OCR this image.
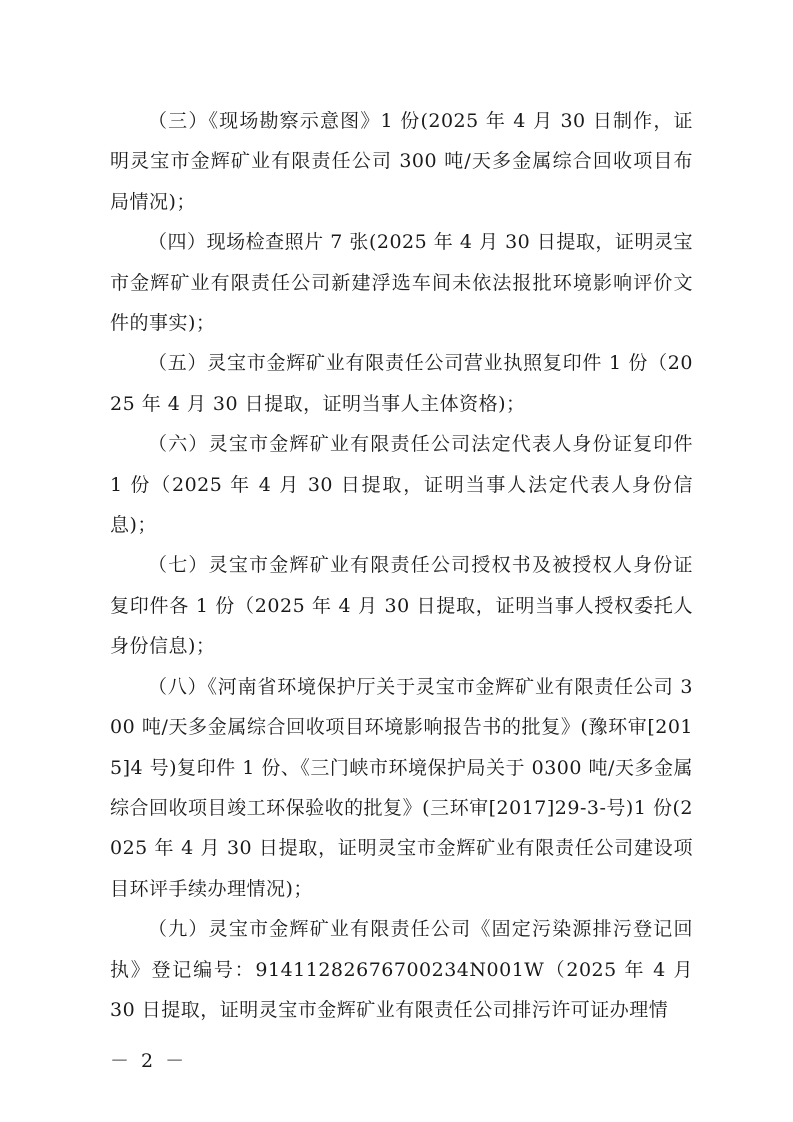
（三）《现场勘察示意图》1 份(2025 年 4 月 30 日制作，证明灵宝市金辉矿业有限责任公司 300 吨/天多金属综合回收项目布局情况)；

（四）现场检查照片 7 张(2025 年 4 月 30 日提取，证明灵宝市金辉矿业有限责任公司新建浮选车间未依法报批环境影响评价文件的事实)；

（五）灵宝市金辉矿业有限责任公司营业执照复印件 1 份（2025 年 4 月 30 日提取，证明当事人主体资格)；

（六）灵宝市金辉矿业有限责任公司法定代表人身份证复印件 1 份（2025 年 4 月 30 日提取，证明当事人法定代表人身份信息)；

（七）灵宝市金辉矿业有限责任公司授权书及被授权人身份证复印件各 1 份（2025 年 4 月 30 日提取，证明当事人授权委托人身份信息)；

（八）《河南省环境保护厅关于灵宝市金辉矿业有限责任公司 300 吨/天多金属综合回收项目环境影响报告书的批复》(豫环审[2015]4 号)复印件 1 份、《三门峡市环境保护局关于 0300 吨/天多金属综合回收项目竣工环保验收的批复》(三环审[2017]29-3-号)1 份(2025 年 4 月 30 日提取，证明灵宝市金辉矿业有限责任公司建设项目环评手续办理情况)；

（九）灵宝市金辉矿业有限责任公司《固定污染源排污登记回执》登记编号：91411282676700234N001W（2025 年 4 月 30 日提取，证明灵宝市金辉矿业有限责任公司排污许可证办理情

－ 2 －
